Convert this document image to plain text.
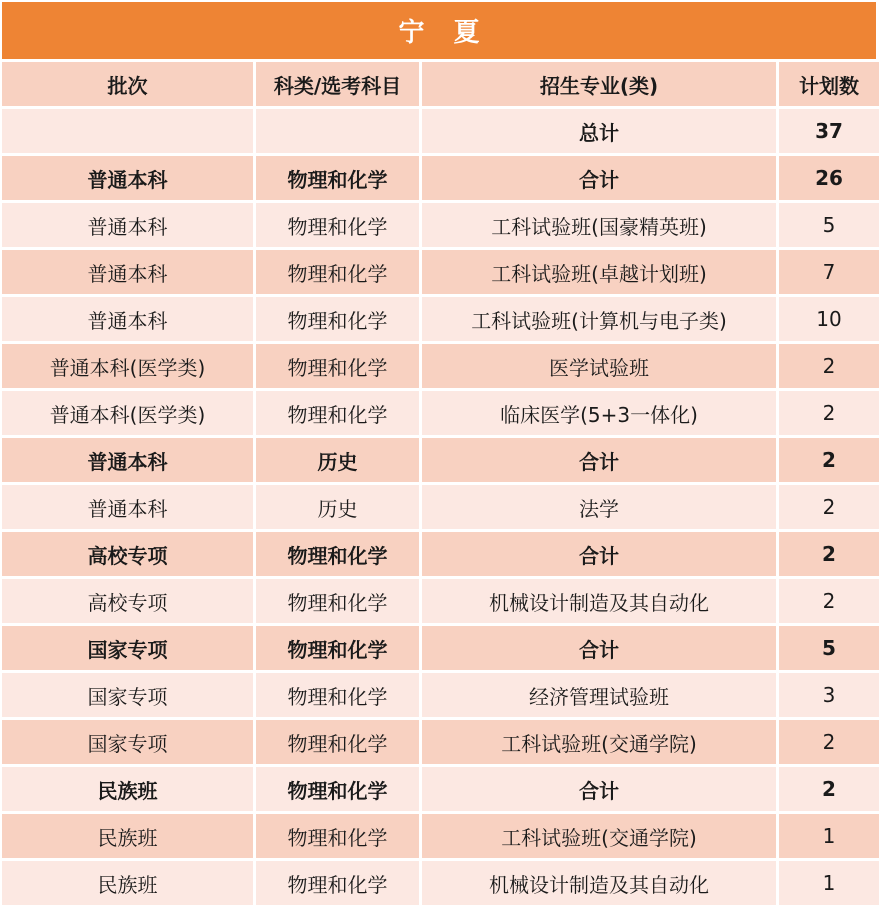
宁 夏
批次	科类/选考科目	招生专业(类)	计划数
		总计	37
普通本科	物理和化学	合计	26
普通本科	物理和化学	工科试验班(国豪精英班)	5
普通本科	物理和化学	工科试验班(卓越计划班)	7
普通本科	物理和化学	工科试验班(计算机与电子类)	10
普通本科(医学类)	物理和化学	医学试验班	2
普通本科(医学类)	物理和化学	临床医学(5+3一体化)	2
普通本科	历史	合计	2
普通本科	历史	法学	2
高校专项	物理和化学	合计	2
高校专项	物理和化学	机械设计制造及其自动化	2
国家专项	物理和化学	合计	5
国家专项	物理和化学	经济管理试验班	3
国家专项	物理和化学	工科试验班(交通学院)	2
民族班	物理和化学	合计	2
民族班	物理和化学	工科试验班(交通学院)	1
民族班	物理和化学	机械设计制造及其自动化	1
